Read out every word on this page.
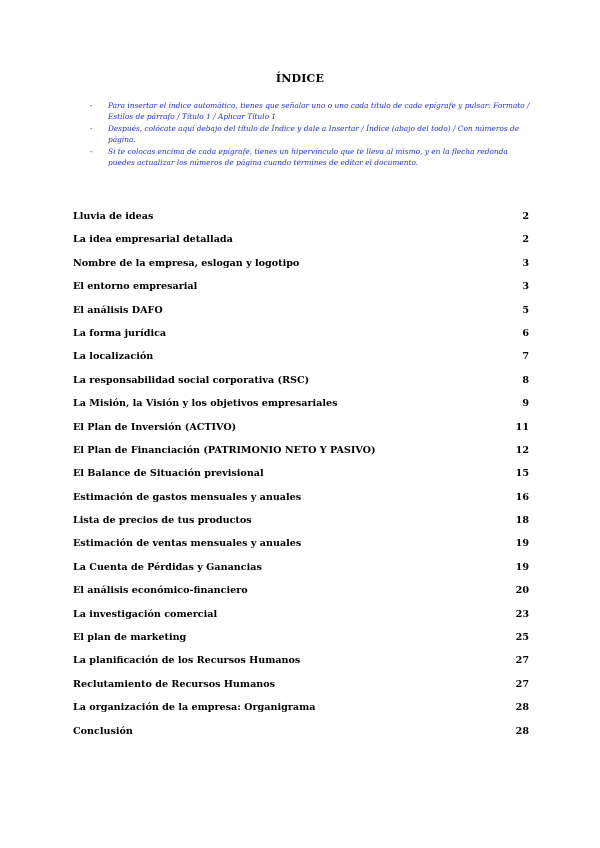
ÍNDICE
- Para insertar el índice automático, tienes que señalar uno o uno cada título de cada epígrafe y pulsar: Formato / Estilos de párrafo / Título 1 / Aplicar Título 1
- Después, colócate aquí debajo del título de Índice y dale a Insertar / Índice (abajo del todo) / Con números de página.
- Si te colocas encima de cada epígrafe, tienes un hipervínculo que te lleva al mismo, y en la flecha redonda puedes actualizar los números de página cuando termines de editar el documento.
Lluvia de ideas	2
La idea empresarial detallada	2
Nombre de la empresa, eslogan y logotipo	3
El entorno empresarial	3
El análisis DAFO	5
La forma jurídica	6
La localización	7
La responsabilidad social corporativa (RSC)	8
La Misión, la Visión y los objetivos empresariales	9
El Plan de Inversión (ACTIVO)	11
El Plan de Financiación (PATRIMONIO NETO Y PASIVO)	12
El Balance de Situación previsional	15
Estimación de gastos mensuales y anuales	16
Lista de precios de tus productos	18
Estimación de ventas mensuales y anuales	19
La Cuenta de Pérdidas y Ganancias	19
El análisis económico-financiero	20
La investigación comercial	23
El plan de marketing	25
La planificación de los Recursos Humanos	27
Reclutamiento de Recursos Humanos	27
La organización de la empresa: Organigrama	28
Conclusión	28
